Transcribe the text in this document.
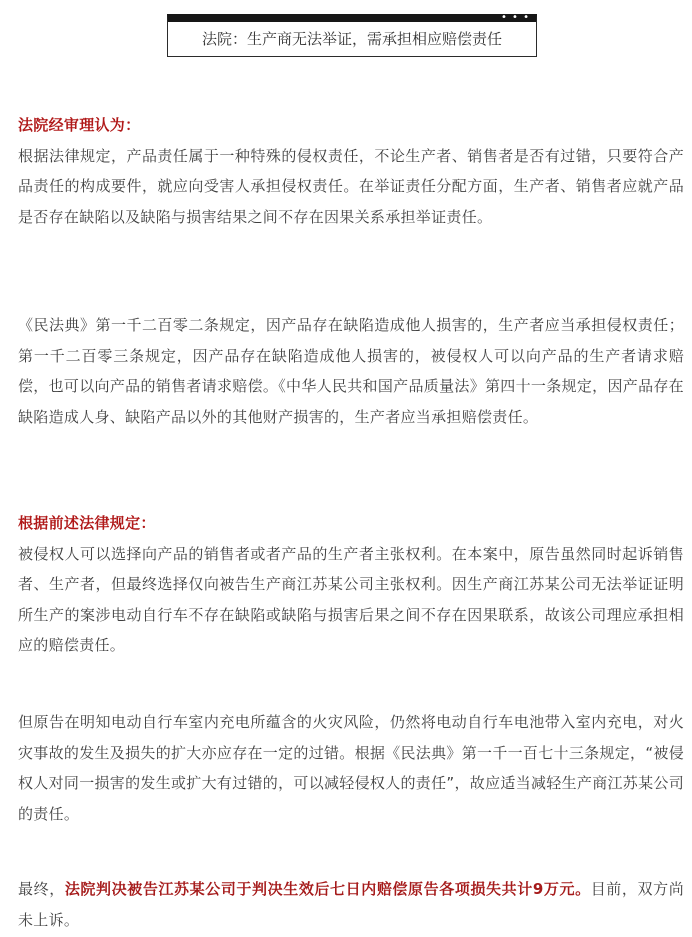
• • •
法院：生产商无法举证，需承担相应赔偿责任
法院经审理认为：

根据法律规定，产品责任属于一种特殊的侵权责任，不论生产者、销售者是否有过错，只要符合产品责任的构成要件，就应向受害人承担侵权责任。在举证责任分配方面，生产者、销售者应就产品是否存在缺陷以及缺陷与损害结果之间不存在因果关系承担举证责任。

《民法典》第一千二百零二条规定，因产品存在缺陷造成他人损害的，生产者应当承担侵权责任；第一千二百零三条规定，因产品存在缺陷造成他人损害的，被侵权人可以向产品的生产者请求赔偿，也可以向产品的销售者请求赔偿。《中华人民共和国产品质量法》第四十一条规定，因产品存在缺陷造成人身、缺陷产品以外的其他财产损害的，生产者应当承担赔偿责任。

根据前述法律规定：

被侵权人可以选择向产品的销售者或者产品的生产者主张权利。在本案中，原告虽然同时起诉销售者、生产者，但最终选择仅向被告生产商江苏某公司主张权利。因生产商江苏某公司无法举证证明所生产的案涉电动自行车不存在缺陷或缺陷与损害后果之间不存在因果联系，故该公司理应承担相应的赔偿责任。

但原告在明知电动自行车室内充电所蕴含的火灾风险，仍然将电动自行车电池带入室内充电，对火灾事故的发生及损失的扩大亦应存在一定的过错。根据《民法典》第一千一百七十三条规定，“被侵权人对同一损害的发生或扩大有过错的，可以减轻侵权人的责任”，故应适当减轻生产商江苏某公司的责任。

最终，法院判决被告江苏某公司于判决生效后七日内赔偿原告各项损失共计9万元。目前，双方尚未上诉。
